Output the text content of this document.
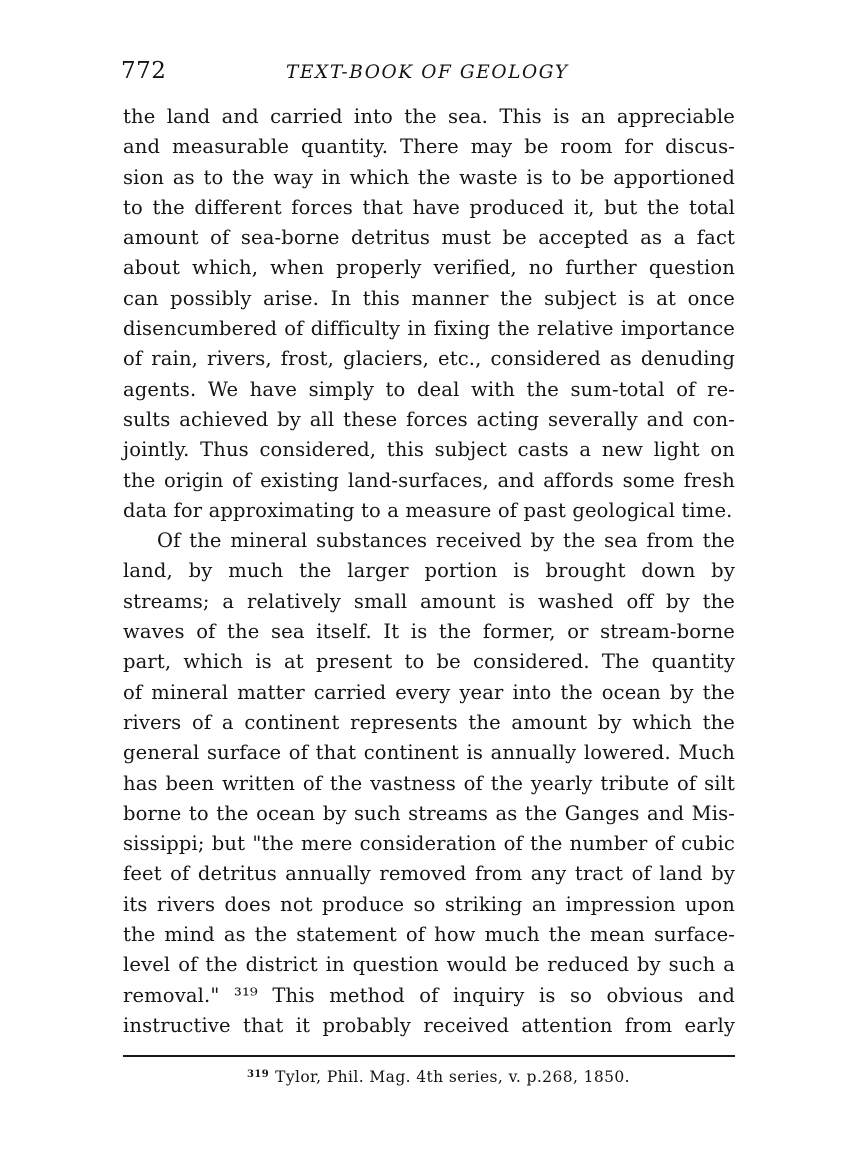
772	TEXT-BOOK OF GEOLOGY
the land and carried into the sea. This is an appreciable
and measurable quantity. There may be room for discus-
sion as to the way in which the waste is to be apportioned
to the different forces that have produced it, but the total
amount of sea-borne detritus must be accepted as a fact
about which, when properly verified, no further question
can possibly arise. In this manner the subject is at once
disencumbered of difficulty in fixing the relative importance
of rain, rivers, frost, glaciers, etc., considered as denuding
agents. We have simply to deal with the sum-total of re-
sults achieved by all these forces acting severally and con-
jointly. Thus considered, this subject casts a new light on
the origin of existing land-surfaces, and affords some fresh
data for approximating to a measure of past geological time.
Of the mineral substances received by the sea from the
land, by much the larger portion is brought down by
streams; a relatively small amount is washed off by the
waves of the sea itself. It is the former, or stream-borne
part, which is at present to be considered. The quantity
of mineral matter carried every year into the ocean by the
rivers of a continent represents the amount by which the
general surface of that continent is annually lowered. Much
has been written of the vastness of the yearly tribute of silt
borne to the ocean by such streams as the Ganges and Mis-
sissippi; but "the mere consideration of the number of cubic
feet of detritus annually removed from any tract of land by
its rivers does not produce so striking an impression upon
the mind as the statement of how much the mean surface-
level of the district in question would be reduced by such a
removal." ³¹⁹ This method of inquiry is so obvious and
instructive that it probably received attention from early
$^{319}$ Tylor, Phil. Mag. 4th series, v. p.268, 1850.
